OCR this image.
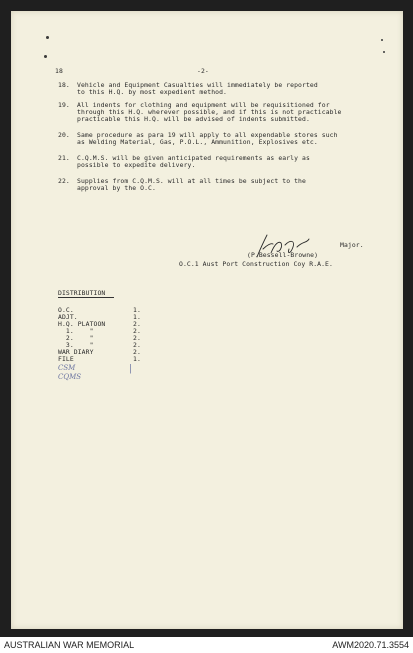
18	-2-
18. Vehicle and Equipment Casualties will immediately be reported
to this H.Q. by most expedient method.
19. All indents for clothing and equipment will be requisitioned for
through this H.Q. wherever possible, and if this is not practicable
practicable this H.Q. will be advised of indents submitted.
20. Same procedure as para 19 will apply to all expendable stores such
as Welding Material, Gas, P.O.L., Ammunition, Explosives etc.
21. C.Q.M.S. will be given anticipated requirements as early as
possible to expedite delivery.
22. Supplies from C.Q.M.S. will at all times be subject to the
approval by the O.C.
Major.
(P.Bessell-Browne)
O.C.1 Aust Port Construction Coy R.A.E.
DISTRIBUTION
O.C.	1.
ADJT.	1.
H.Q. PLATOON	2.
1.    "	2.
2.    "	2.
3.    "	2.
WAR DIARY	2.
FILE	1.
CSM
CQMS
|
AUSTRALIAN WAR MEMORIAL	AWM2020.71.3554
